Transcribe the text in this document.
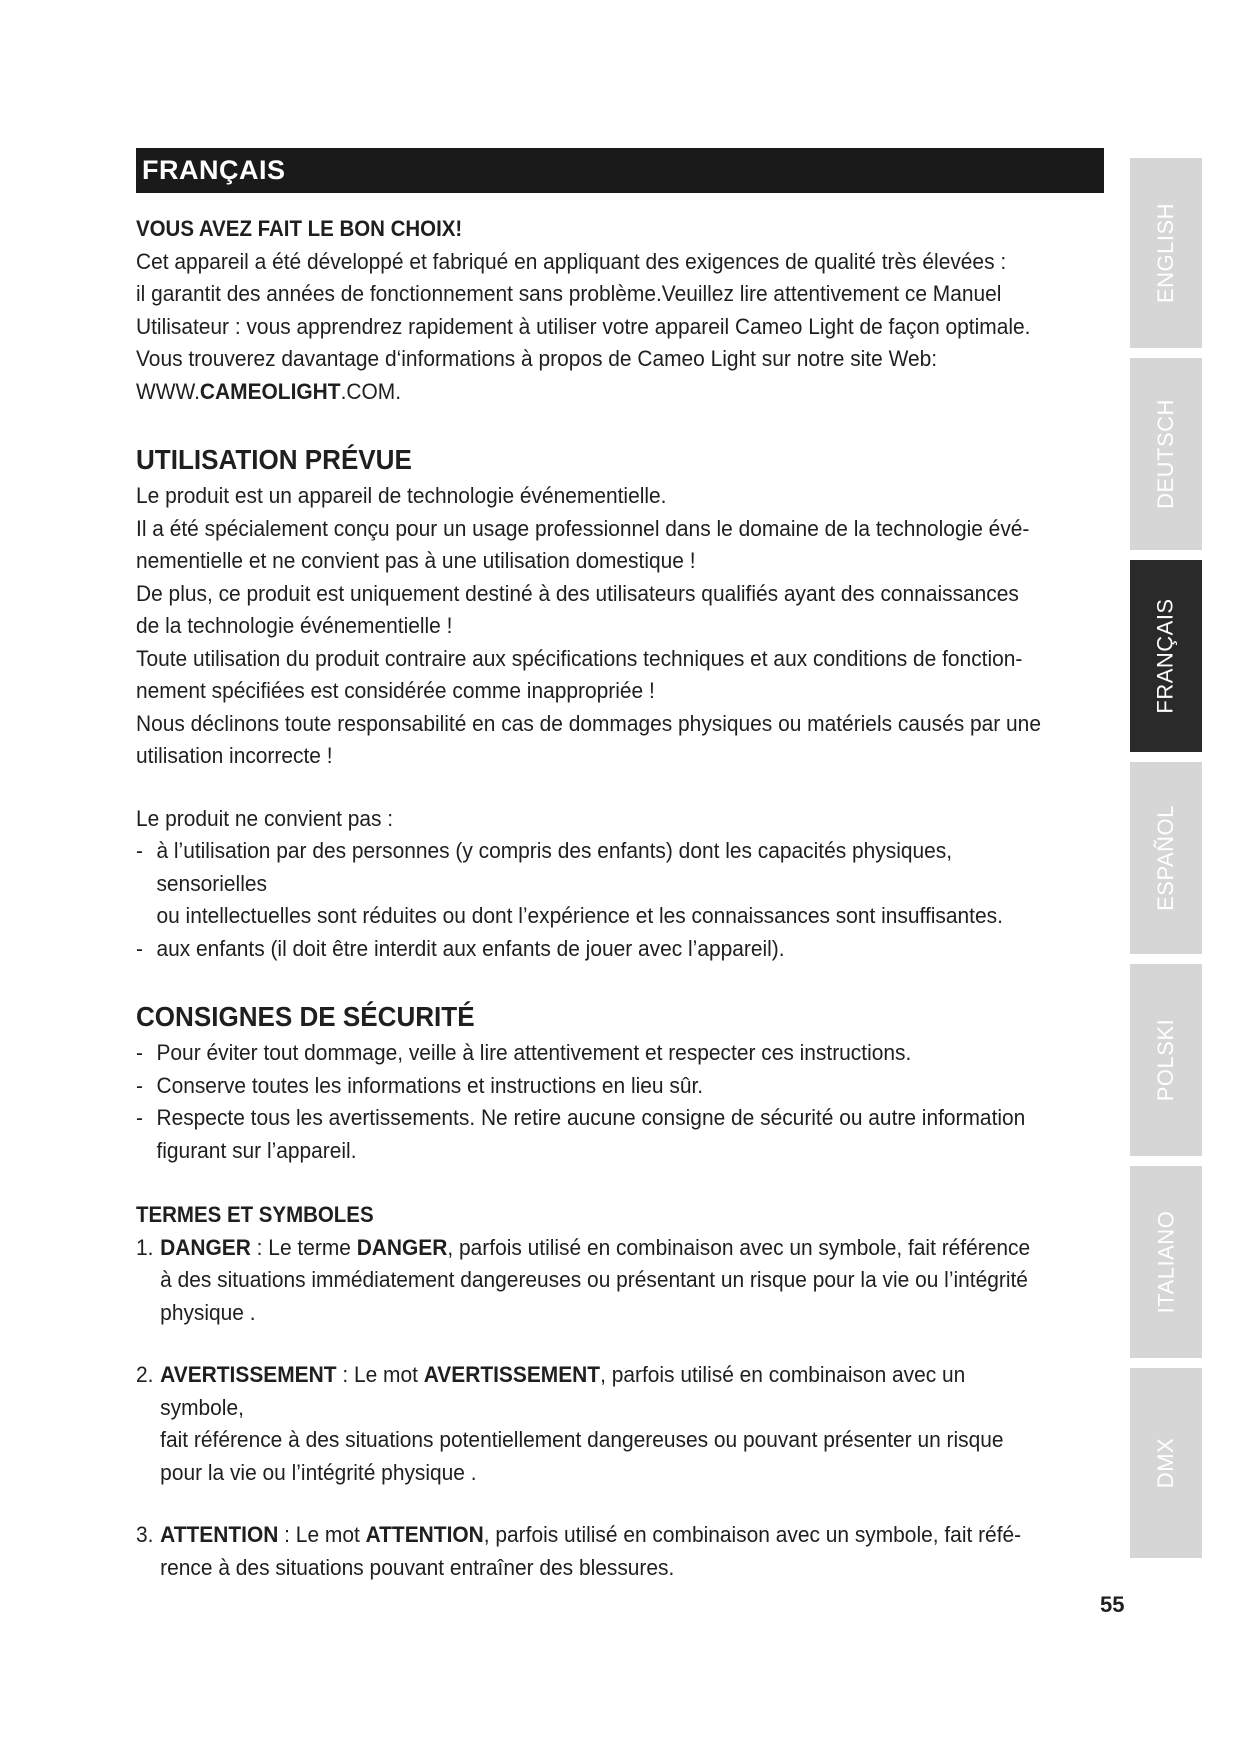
FRANÇAIS

VOUS AVEZ FAIT LE BON CHOIX!

Cet appareil a été développé et fabriqué en appliquant des exigences de qualité très élevées :

il garantit des années de fonctionnement sans problème.Veuillez lire attentivement ce Manuel

Utilisateur : vous apprendrez rapidement à utiliser votre appareil Cameo Light de façon optimale.

Vous trouverez davantage d‘informations à propos de Cameo Light sur notre site Web:

WWW.CAMEOLIGHT.COM.

UTILISATION PRÉVUE

Le produit est un appareil de technologie événementielle.

Il a été spécialement conçu pour un usage professionnel dans le domaine de la technologie évé-

nementielle et ne convient pas à une utilisation domestique !

De plus, ce produit est uniquement destiné à des utilisateurs qualifiés ayant des connaissances

de la technologie événementielle !

Toute utilisation du produit contraire aux spécifications techniques et aux conditions de fonction-

nement spécifiées est considérée comme inappropriée !

Nous déclinons toute responsabilité en cas de dommages physiques ou matériels causés par une

utilisation incorrecte !

Le produit ne convient pas :

- à l’utilisation par des personnes (y compris des enfants) dont les capacités physiques, sensorielles

ou intellectuelles sont réduites ou dont l’expérience et les connaissances sont insuffisantes.

- aux enfants (il doit être interdit aux enfants de jouer avec l’appareil).

CONSIGNES DE SÉCURITÉ

- Pour éviter tout dommage, veille à lire attentivement et respecter ces instructions.

- Conserve toutes les informations et instructions en lieu sûr.

- Respecte tous les avertissements. Ne retire aucune consigne de sécurité ou autre information

figurant sur l’appareil.

TERMES ET SYMBOLES

1. DANGER : Le terme DANGER, parfois utilisé en combinaison avec un symbole, fait référence

à des situations immédiatement dangereuses ou présentant un risque pour la vie ou l’intégrité

physique .

2. AVERTISSEMENT : Le mot AVERTISSEMENT, parfois utilisé en combinaison avec un symbole,

fait référence à des situations potentiellement dangereuses ou pouvant présenter un risque

pour la vie ou l’intégrité physique .

3. ATTENTION : Le mot ATTENTION, parfois utilisé en combinaison avec un symbole, fait réfé-

rence à des situations pouvant entraîner des blessures.

ENGLISH
DEUTSCH
FRANÇAIS
ESPAÑOL
POLSKI
ITALIANO
DMX
55
